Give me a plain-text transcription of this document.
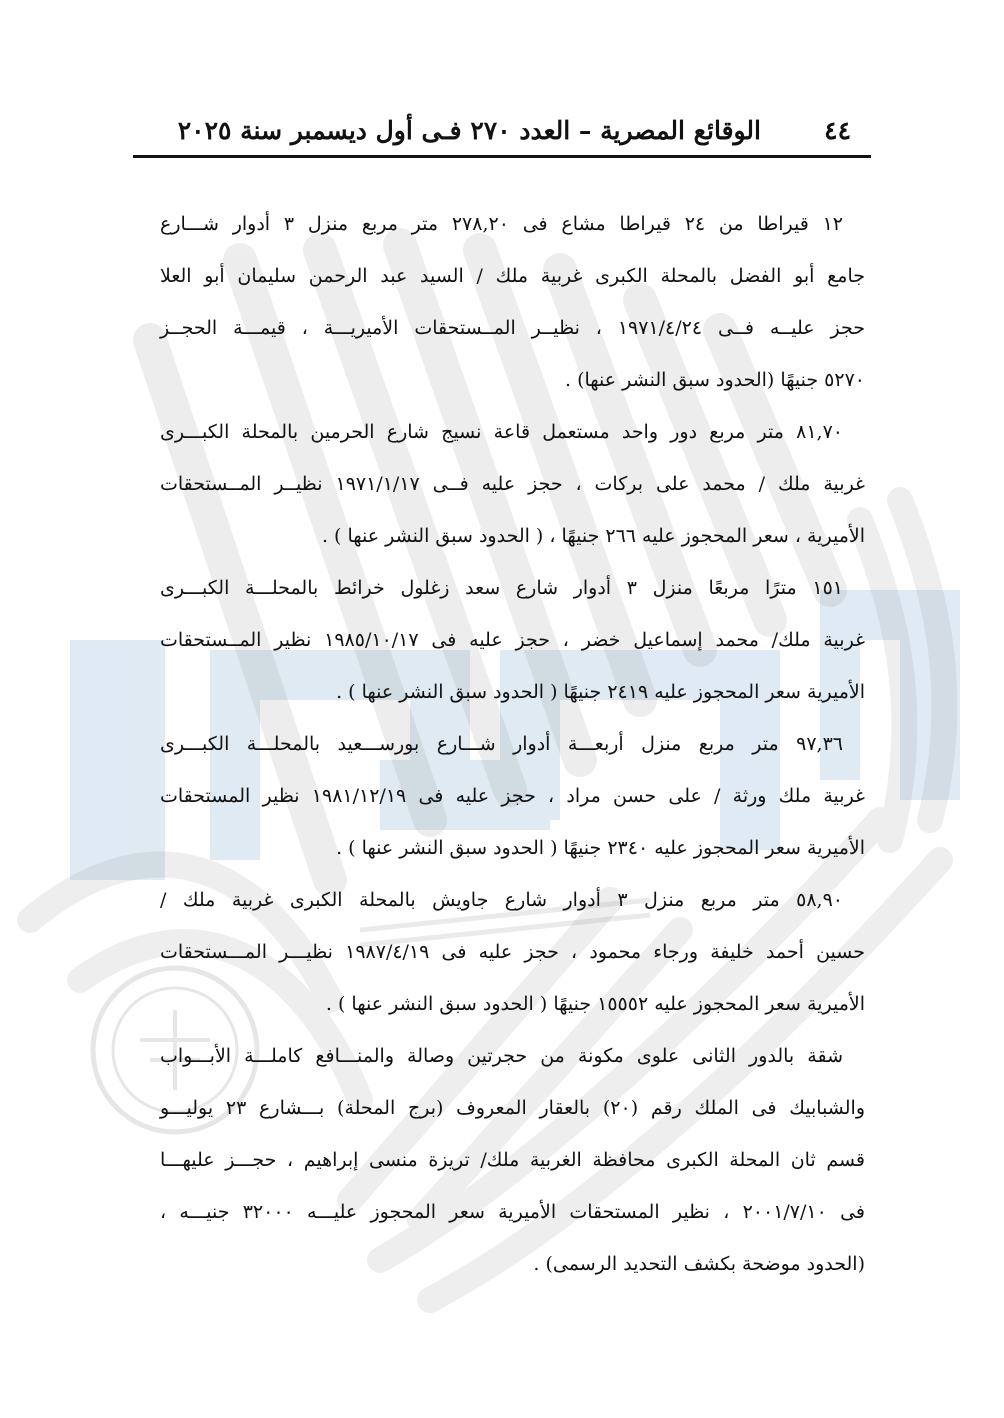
٤٤
الوقائع المصرية – العدد ٢٧٠ فـى أول ديسمبر سنة ٢٠٢٥

١٢ قيراطا من ٢٤ قيراطا مشاع فى ٢٧٨,٢٠ متر مربع منزل ٣ أدوار شـــارع
جامع أبو الفضل بالمحلة الكبرى غربية ملك / السيد عبد الرحمن سليمان أبو العلا
حجز عليــه فــى ١٩٧١/٤/٢٤ ، نظيــر المــستحقات الأميريـــة ، قيمـــة الحجــز
٥٢٧٠ جنيهًا (الحدود سبق النشر عنها) .

٨١,٧٠ متر مربع دور واحد مستعمل قاعة نسيج شارع الحرمين بالمحلة الكبـــرى
غربية ملك / محمد على بركات ، حجز عليه فــى ١٩٧١/١/١٧ نظيــر المــستحقات
الأميرية ، سعر المحجوز عليه ٢٦٦ جنيهًا ، ( الحدود سبق النشر عنها ) .

١٥١ مترًا مربعًا منزل ٣ أدوار شارع سعد زغلول خرائط بالمحلـــة الكبـــرى
غربية ملك/ محمد إسماعيل خضر ، حجز عليه فى ١٩٨٥/١٠/١٧ نظير المــستحقات
الأميرية سعر المحجوز عليه ٢٤١٩ جنيهًا ( الحدود سبق النشر عنها ) .

٩٧,٣٦ متر مربع منزل أربعـــة أدوار شـــارع بورســـعيد بالمحلـــة الكبـــرى
غربية ملك ورثة / على حسن مراد ، حجز عليه فى ١٩٨١/١٢/١٩ نظير المستحقات
الأميرية سعر المحجوز عليه ٢٣٤٠ جنيهًا ( الحدود سبق النشر عنها ) .

٥٨,٩٠ متر مربع منزل ٣ أدوار شارع جاويش بالمحلة الكبرى غربية ملك /
حسين أحمد خليفة ورجاء محمود ، حجز عليه فى ١٩٨٧/٤/١٩ نظيـــر المـــستحقات
الأميرية سعر المحجوز عليه ١٥٥٥٢ جنيهًا ( الحدود سبق النشر عنها ) .

شقة بالدور الثانى علوى مكونة من حجرتين وصالة والمنـــافع كاملـــة الأبـــواب
والشبابيك فى الملك رقم (٢٠) بالعقار المعروف (برج المحلة) بـــشارع ٢٣ يوليـــو
قسم ثان المحلة الكبرى محافظة الغربية ملك/ تريزة منسى إبراهيم ، حجـــز عليهـــا
فى ٢٠٠١/٧/١٠ ، نظير المستحقات الأميرية سعر المحجوز عليـــه ٣٢٠٠٠ جنيـــه ،
(الحدود موضحة بكشف التحديد الرسمى) .
